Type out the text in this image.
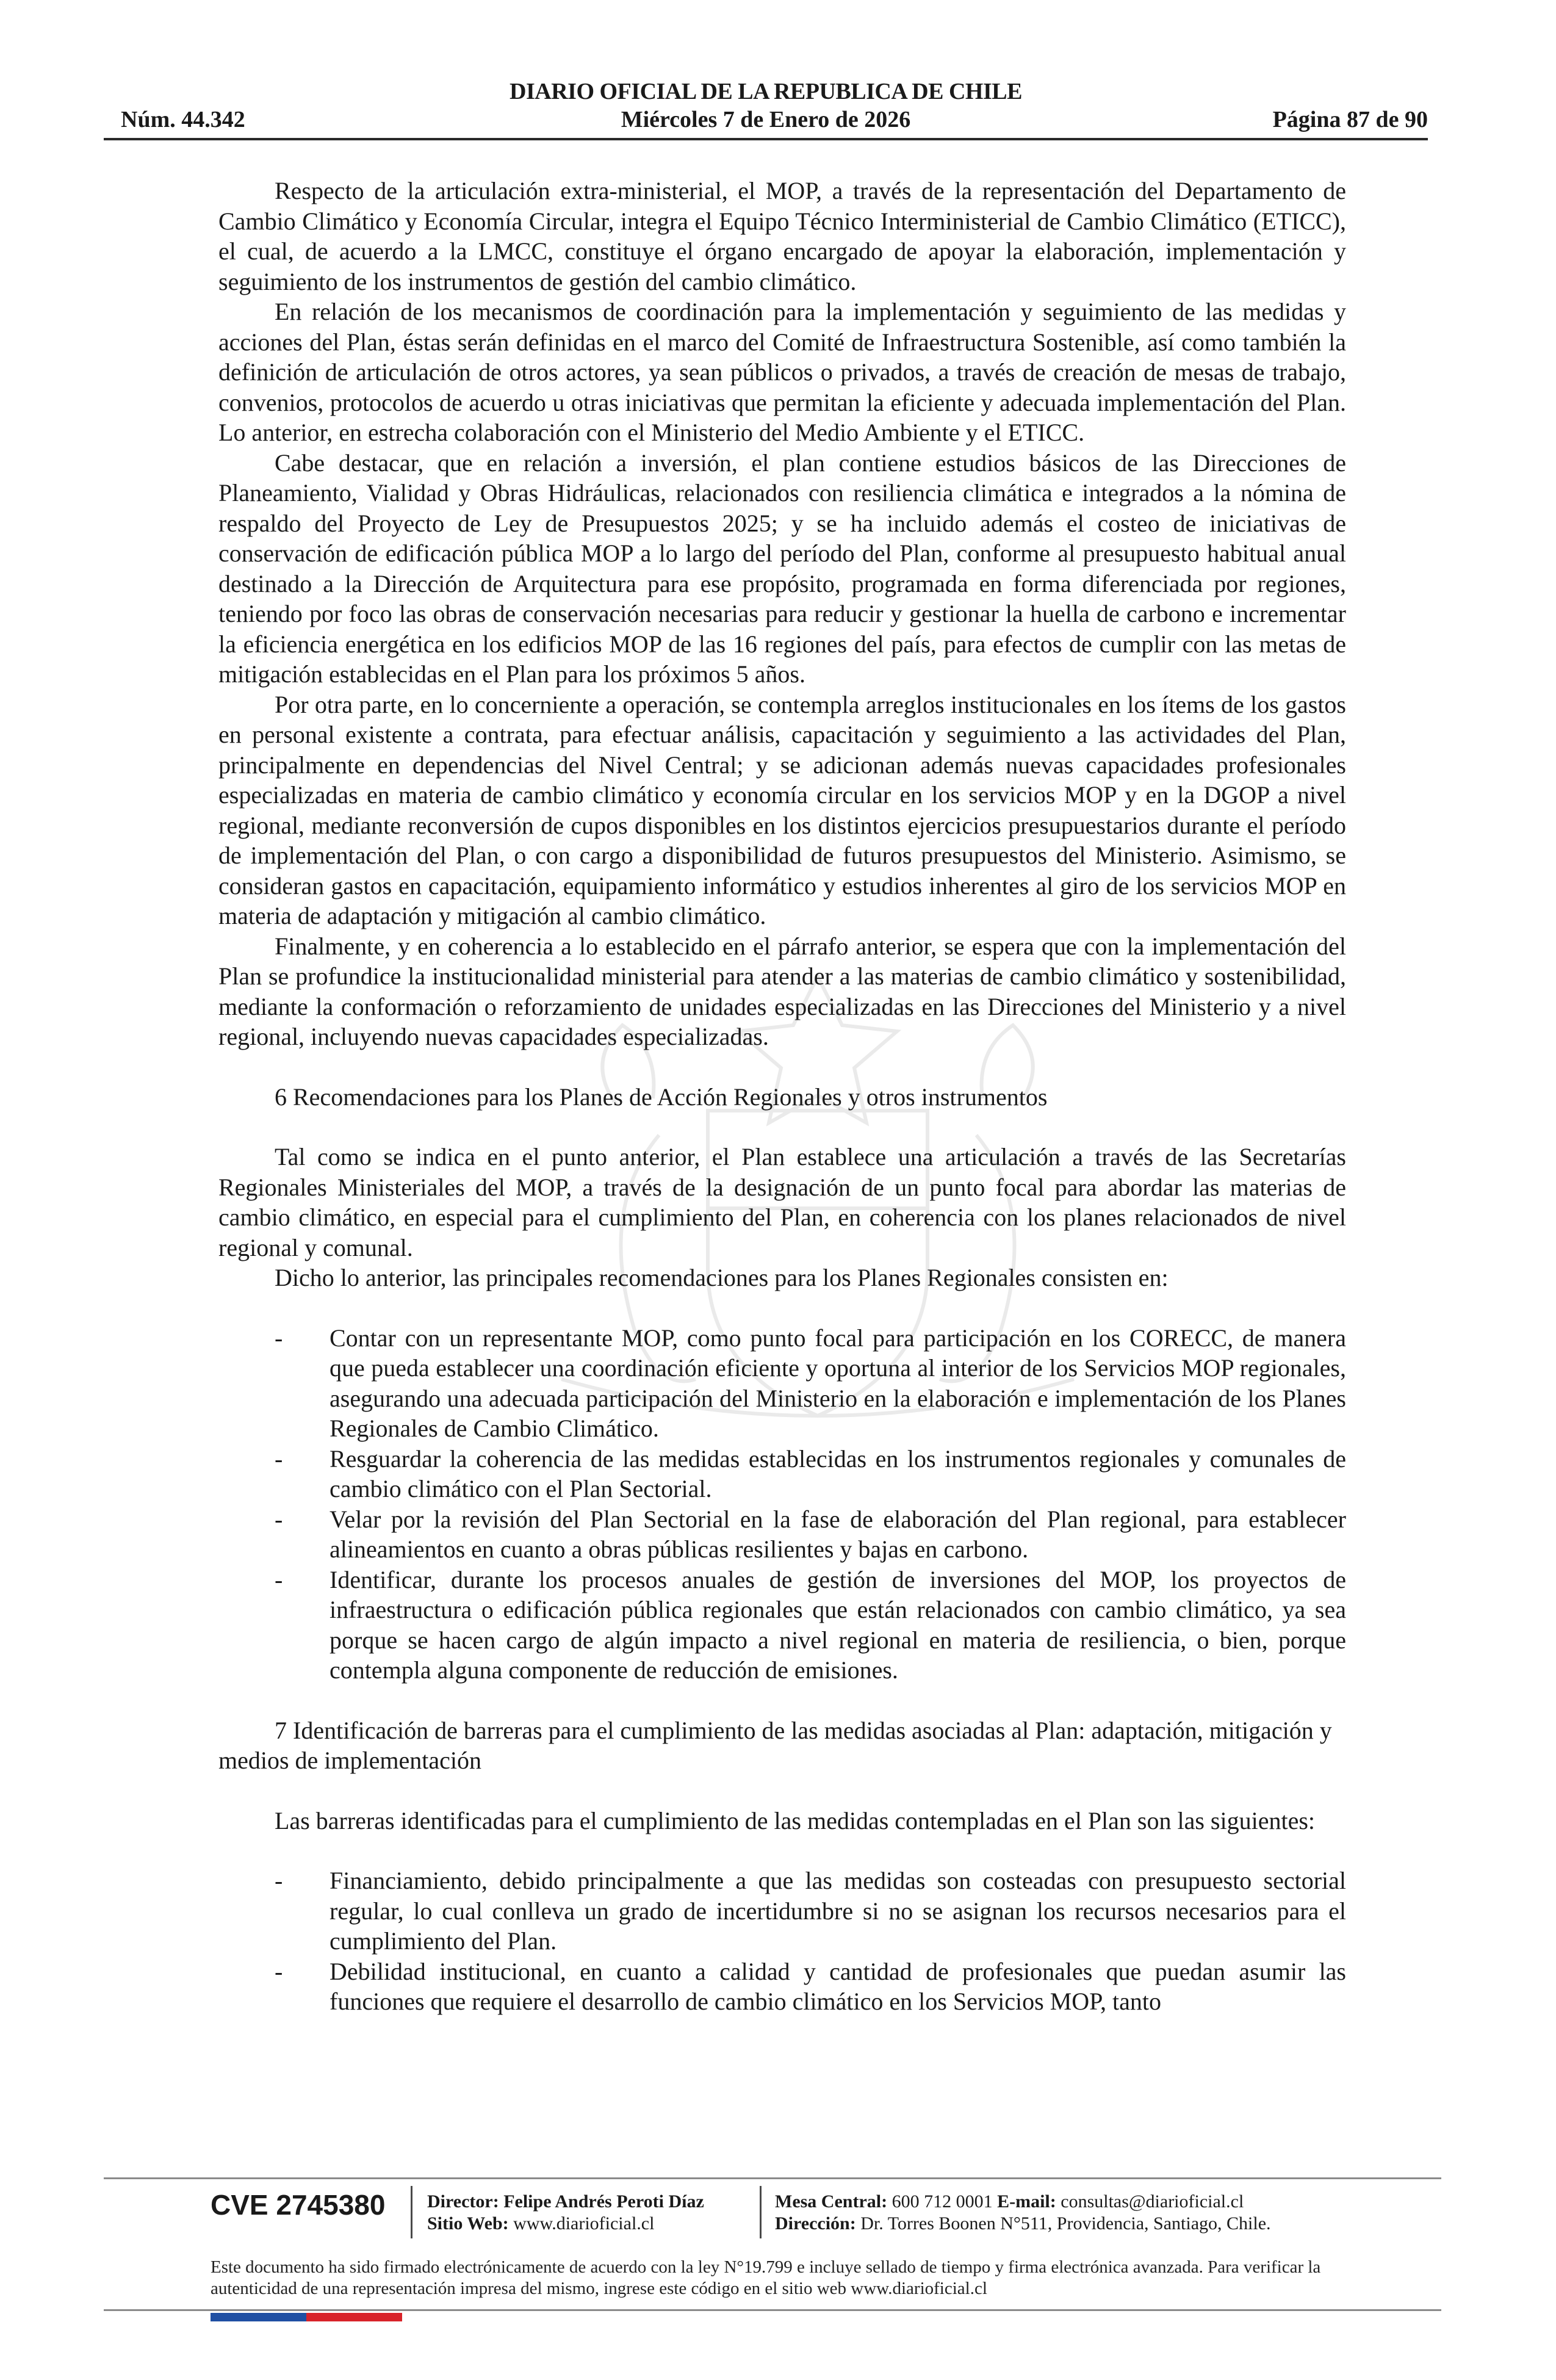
DIARIO OFICIAL DE LA REPUBLICA DE CHILE
Núm. 44.342	Miércoles 7 de Enero de 2026	Página 87 de 90

Respecto de la articulación extra-ministerial, el MOP, a través de la representación del Departamento de Cambio Climático y Economía Circular, integra el Equipo Técnico Interministerial de Cambio Climático (ETICC), el cual, de acuerdo a la LMCC, constituye el órgano encargado de apoyar la elaboración, implementación y seguimiento de los instrumentos de gestión del cambio climático.

En relación de los mecanismos de coordinación para la implementación y seguimiento de las medidas y acciones del Plan, éstas serán definidas en el marco del Comité de Infraestructura Sostenible, así como también la definición de articulación de otros actores, ya sean públicos o privados, a través de creación de mesas de trabajo, convenios, protocolos de acuerdo u otras iniciativas que permitan la eficiente y adecuada implementación del Plan. Lo anterior, en estrecha colaboración con el Ministerio del Medio Ambiente y el ETICC.

Cabe destacar, que en relación a inversión, el plan contiene estudios básicos de las Direcciones de Planeamiento, Vialidad y Obras Hidráulicas, relacionados con resiliencia climática e integrados a la nómina de respaldo del Proyecto de Ley de Presupuestos 2025; y se ha incluido además el costeo de iniciativas de conservación de edificación pública MOP a lo largo del período del Plan, conforme al presupuesto habitual anual destinado a la Dirección de Arquitectura para ese propósito, programada en forma diferenciada por regiones, teniendo por foco las obras de conservación necesarias para reducir y gestionar la huella de carbono e incrementar la eficiencia energética en los edificios MOP de las 16 regiones del país, para efectos de cumplir con las metas de mitigación establecidas en el Plan para los próximos 5 años.

Por otra parte, en lo concerniente a operación, se contempla arreglos institucionales en los ítems de los gastos en personal existente a contrata, para efectuar análisis, capacitación y seguimiento a las actividades del Plan, principalmente en dependencias del Nivel Central; y se adicionan además nuevas capacidades profesionales especializadas en materia de cambio climático y economía circular en los servicios MOP y en la DGOP a nivel regional, mediante reconversión de cupos disponibles en los distintos ejercicios presupuestarios durante el período de implementación del Plan, o con cargo a disponibilidad de futuros presupuestos del Ministerio. Asimismo, se consideran gastos en capacitación, equipamiento informático y estudios inherentes al giro de los servicios MOP en materia de adaptación y mitigación al cambio climático.

Finalmente, y en coherencia a lo establecido en el párrafo anterior, se espera que con la implementación del Plan se profundice la institucionalidad ministerial para atender a las materias de cambio climático y sostenibilidad, mediante la conformación o reforzamiento de unidades especializadas en las Direcciones del Ministerio y a nivel regional, incluyendo nuevas capacidades especializadas.

6 Recomendaciones para los Planes de Acción Regionales y otros instrumentos

Tal como se indica en el punto anterior, el Plan establece una articulación a través de las Secretarías Regionales Ministeriales del MOP, a través de la designación de un punto focal para abordar las materias de cambio climático, en especial para el cumplimiento del Plan, en coherencia con los planes relacionados de nivel regional y comunal.

Dicho lo anterior, las principales recomendaciones para los Planes Regionales consisten en:

- Contar con un representante MOP, como punto focal para participación en los CORECC, de manera que pueda establecer una coordinación eficiente y oportuna al interior de los Servicios MOP regionales, asegurando una adecuada participación del Ministerio en la elaboración e implementación de los Planes Regionales de Cambio Climático.
- Resguardar la coherencia de las medidas establecidas en los instrumentos regionales y comunales de cambio climático con el Plan Sectorial.
- Velar por la revisión del Plan Sectorial en la fase de elaboración del Plan regional, para establecer alineamientos en cuanto a obras públicas resilientes y bajas en carbono.
- Identificar, durante los procesos anuales de gestión de inversiones del MOP, los proyectos de infraestructura o edificación pública regionales que están relacionados con cambio climático, ya sea porque se hacen cargo de algún impacto a nivel regional en materia de resiliencia, o bien, porque contempla alguna componente de reducción de emisiones.

7 Identificación de barreras para el cumplimiento de las medidas asociadas al Plan: adaptación, mitigación y medios de implementación

Las barreras identificadas para el cumplimiento de las medidas contempladas en el Plan son las siguientes:

- Financiamiento, debido principalmente a que las medidas son costeadas con presupuesto sectorial regular, lo cual conlleva un grado de incertidumbre si no se asignan los recursos necesarios para el cumplimiento del Plan.
- Debilidad institucional, en cuanto a calidad y cantidad de profesionales que puedan asumir las funciones que requiere el desarrollo de cambio climático en los Servicios MOP, tanto
CVE 2745380 Director: Felipe Andrés Peroti Díaz
Sitio Web: www.diarioficial.cl
Mesa Central: 600 712 0001 E-mail: consultas@diarioficial.cl
Dirección: Dr. Torres Boonen N°511, Providencia, Santiago, Chile.
Este documento ha sido firmado electrónicamente de acuerdo con la ley N°19.799 e incluye sellado de tiempo y firma electrónica avanzada. Para verificar la autenticidad de una representación impresa del mismo, ingrese este código en el sitio web www.diarioficial.cl
